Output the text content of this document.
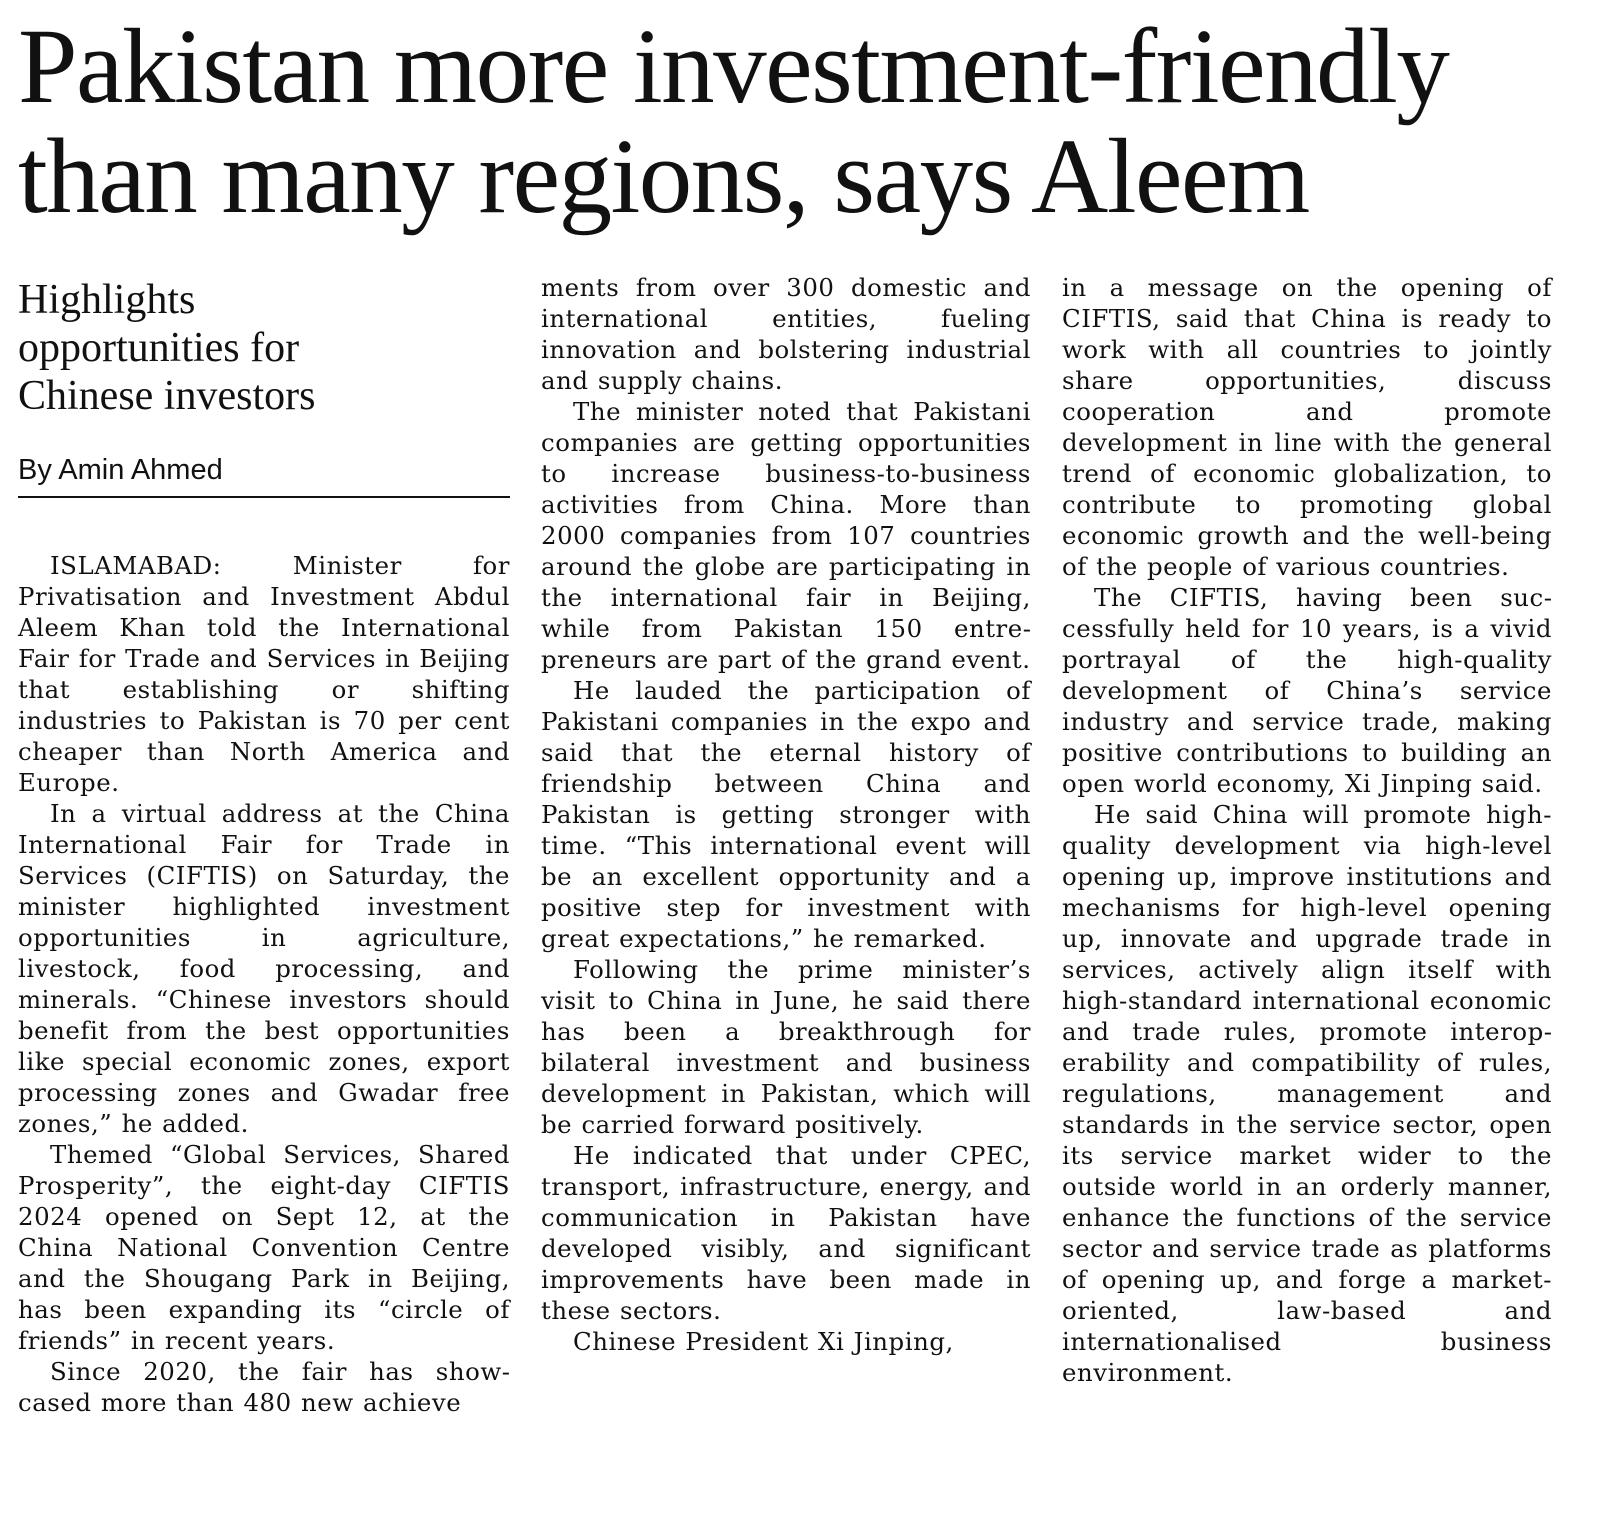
Pakistan more investment-friendly
than many regions, says Aleem
Highlights
opportunities for
Chinese investors
By Amin Ahmed

ISLAMABAD: Minister for Privatisation and Investment Abdul Aleem Khan told the International Fair for Trade and Services in Beijing that establishing or shifting industries to Pakistan is 70 per cent cheaper than North America and Europe.

In a virtual address at the China International Fair for Trade in Services (CIFTIS) on Saturday, the minister highlighted investment opportunities in agriculture, livestock, food processing, and minerals. “Chinese investors should benefit from the best opportunities like special economic zones, export processing zones and Gwadar free zones,” he added.

Themed “Global Services, Shared Prosperity”, the eight-day CIFTIS 2024 opened on Sept 12, at the China National Convention Centre and the Shougang Park in Beijing, has been expanding its “circle of friends” in recent years.

Since 2020, the fair has showcased more than 480 new achieve

ments from over 300 domestic and international entities, fueling innovation and bolstering industrial and supply chains.

The minister noted that Pakistani companies are getting opportunities to increase business-to-business activities from China. More than 2000 companies from 107 countries around the globe are participating in the international fair in Beijing, while from Pakistan 150 entrepreneurs are part of the grand event.

He lauded the participation of Pakistani companies in the expo and said that the eternal history of friendship between China and Pakistan is getting stronger with time. “This international event will be an excellent opportunity and a positive step for investment with great expectations,” he remarked.

Following the prime minister’s visit to China in June, he said there has been a breakthrough for bilateral investment and business development in Pakistan, which will be carried forward positively.

He indicated that under CPEC, transport, infrastructure, energy, and communication in Pakistan have developed visibly, and significant improvements have been made in these sectors.

Chinese President Xi Jinping,

in a message on the opening of CIFTIS, said that China is ready to work with all countries to jointly share opportunities, discuss cooperation and promote development in line with the general trend of economic globalization, to contribute to promoting global economic growth and the well-being of the people of various countries.

The CIFTIS, having been successfully held for 10 years, is a vivid portrayal of the high-quality development of China’s service industry and service trade, making positive contributions to building an open world economy, Xi Jinping said.

He said China will promote high-quality development via high-level opening up, improve institutions and mechanisms for high-level opening up, innovate and upgrade trade in services, actively align itself with high-standard international economic and trade rules, promote interoperability and compatibility of rules, regulations, management and standards in the service sector, open its service market wider to the outside world in an orderly manner, enhance the functions of the service sector and service trade as platforms of opening up, and forge a market-oriented, law-based and internationalised business environment.
